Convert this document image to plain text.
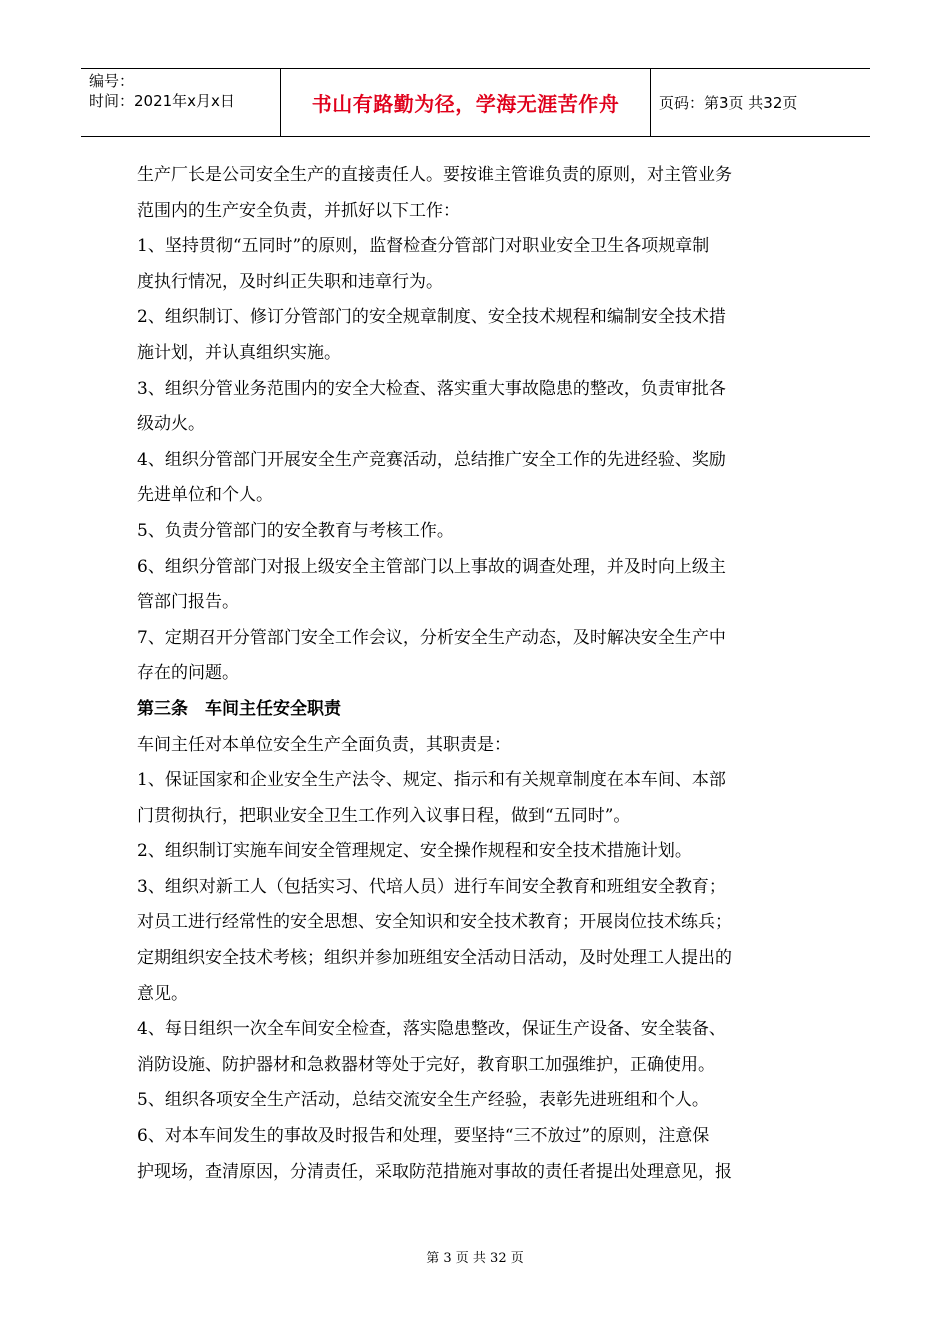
编号：
时间：2021年x月x日	书山有路勤为径，学海无涯苦作舟	页码：第3页 共32页

生产厂长是公司安全生产的直接责任人。要按谁主管谁负责的原则，对主管业务

范围内的生产安全负责，并抓好以下工作：

1、坚持贯彻“五同时”的原则，监督检查分管部门对职业安全卫生各项规章制

度执行情况，及时纠正失职和违章行为。

2、组织制订、修订分管部门的安全规章制度、安全技术规程和编制安全技术措

施计划，并认真组织实施。

3、组织分管业务范围内的安全大检查、落实重大事故隐患的整改，负责审批各

级动火。

4、组织分管部门开展安全生产竞赛活动，总结推广安全工作的先进经验、奖励

先进单位和个人。

5、负责分管部门的安全教育与考核工作。

6、组织分管部门对报上级安全主管部门以上事故的调查处理，并及时向上级主

管部门报告。

7、定期召开分管部门安全工作会议，分析安全生产动态，及时解决安全生产中

存在的问题。

第三条　车间主任安全职责

车间主任对本单位安全生产全面负责，其职责是：

1、保证国家和企业安全生产法令、规定、指示和有关规章制度在本车间、本部

门贯彻执行，把职业安全卫生工作列入议事日程，做到“五同时”。

2、组织制订实施车间安全管理规定、安全操作规程和安全技术措施计划。

3、组织对新工人（包括实习、代培人员）进行车间安全教育和班组安全教育；

对员工进行经常性的安全思想、安全知识和安全技术教育；开展岗位技术练兵；

定期组织安全技术考核；组织并参加班组安全活动日活动，及时处理工人提出的

意见。

4、每日组织一次全车间安全检查，落实隐患整改，保证生产设备、安全装备、

消防设施、防护器材和急救器材等处于完好，教育职工加强维护，正确使用。

5、组织各项安全生产活动，总结交流安全生产经验，表彰先进班组和个人。

6、对本车间发生的事故及时报告和处理，要坚持“三不放过”的原则，注意保

护现场，查清原因，分清责任，采取防范措施对事故的责任者提出处理意见，报

第 3 页 共 32 页
